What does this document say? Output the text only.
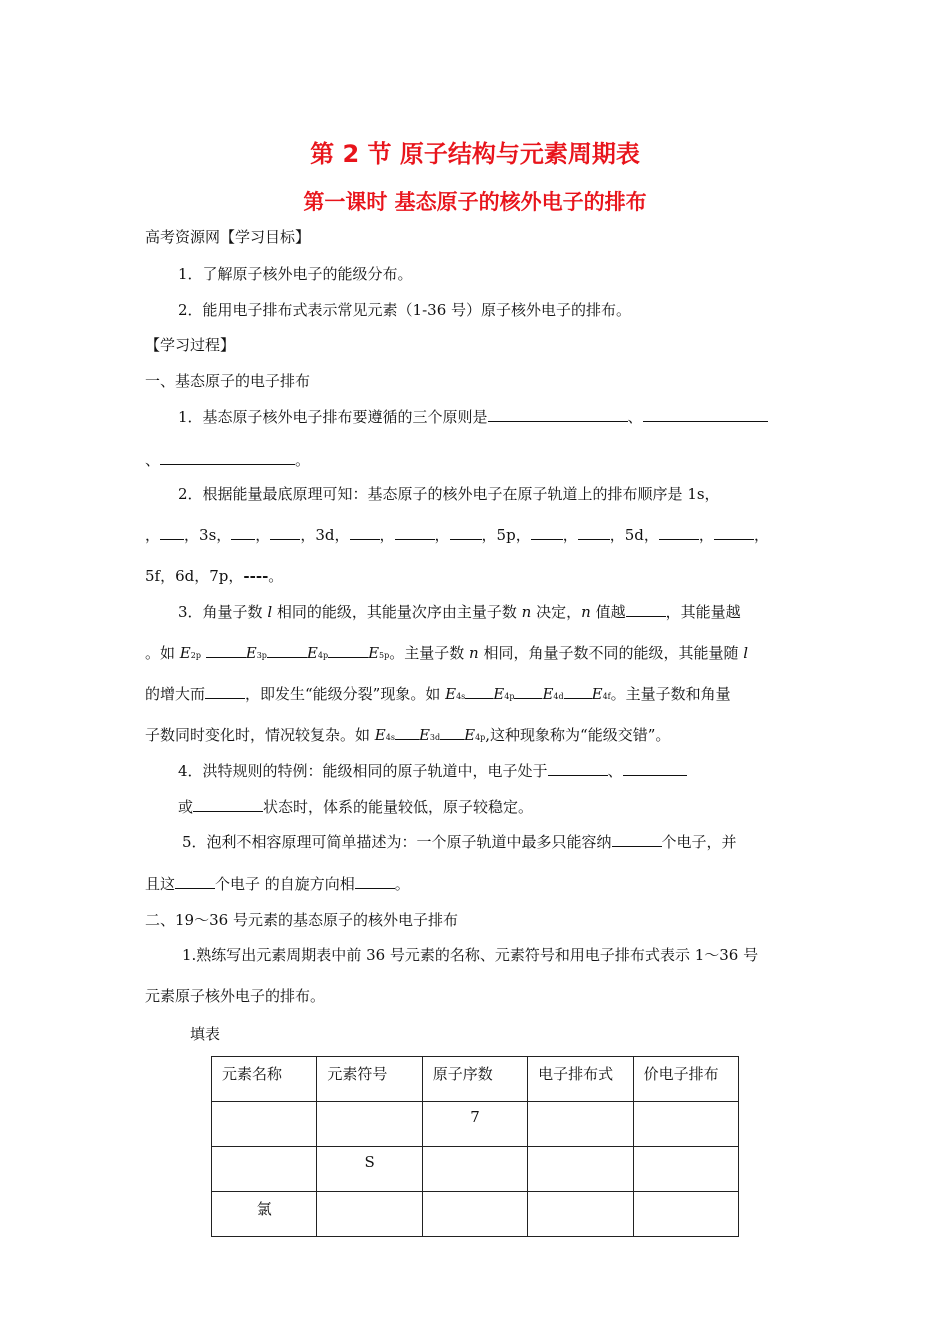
第 2 节 原子结构与元素周期表
第一课时 基态原子的核外电子的排布
高考资源网【学习目标】
1．了解原子核外电子的能级分布。
2．能用电子排布式表示常见元素（1-36 号）原子核外电子的排布。
【学习过程】
一、基态原子的电子排布
1．基态原子核外电子排布要遵循的三个原则是	、
、	。
2．根据能量最底原理可知：基态原子的核外电子在原子轨道上的排布顺序是 1s，
， ，3s， ， ，3d， ，	， ，5p， ， ，5d，	，	，
5f，6d，7p，----。
3．角量子数 l 相同的能级，其能量次序由主量子数 n 决定，n 值越	，其能量越
。如 E2p	E3p	E4p	E5p。主量子数 n 相同，角量子数不同的能级，其能量随 l
的增大而	，即发生“能级分裂”现象。如 E4s E4p E4d E4f。主量子数和角量
子数同时变化时，情况较复杂。如 E4s E3d E4p,这种现象称为“能级交错”。
4．洪特规则的特例：能级相同的原子轨道中，电子处于	、
或	状态时，体系的能量较低，原子较稳定。
5．泡利不相容原理可简单描述为：一个原子轨道中最多只能容纳	个电子，并
且这	个电子 的自旋方向相	。
二、19～36 号元素的基态原子的核外电子排布
1.熟练写出元素周期表中前 36 号元素的名称、元素符号和用电子排布式表示 1～36 号
元素原子核外电子的排布。
填表
元素名称	元素符号	原子序数	电子排布式	价电子排布
		7		
	S			
氯				
